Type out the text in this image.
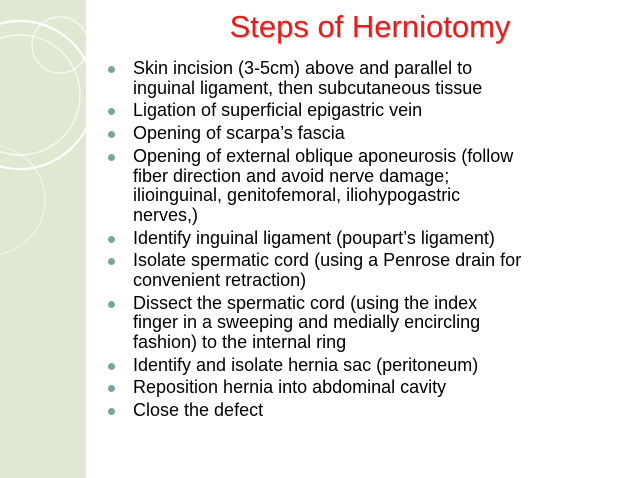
Steps of Herniotomy
Skin incision (3-5cm) above and parallel to
inguinal ligament, then subcutaneous tissue
Ligation of superficial epigastric vein
Opening of scarpa’s fascia
Opening of external oblique aponeurosis (follow
fiber direction and avoid nerve damage;
ilioinguinal, genitofemoral, iliohypogastric
nerves,)
Identify inguinal ligament (poupart’s ligament)
Isolate spermatic cord (using a Penrose drain for
convenient retraction)
Dissect the spermatic cord (using the index
finger in a sweeping and medially encircling
fashion) to the internal ring
Identify and isolate hernia sac (peritoneum)
Reposition hernia into abdominal cavity
Close the defect
